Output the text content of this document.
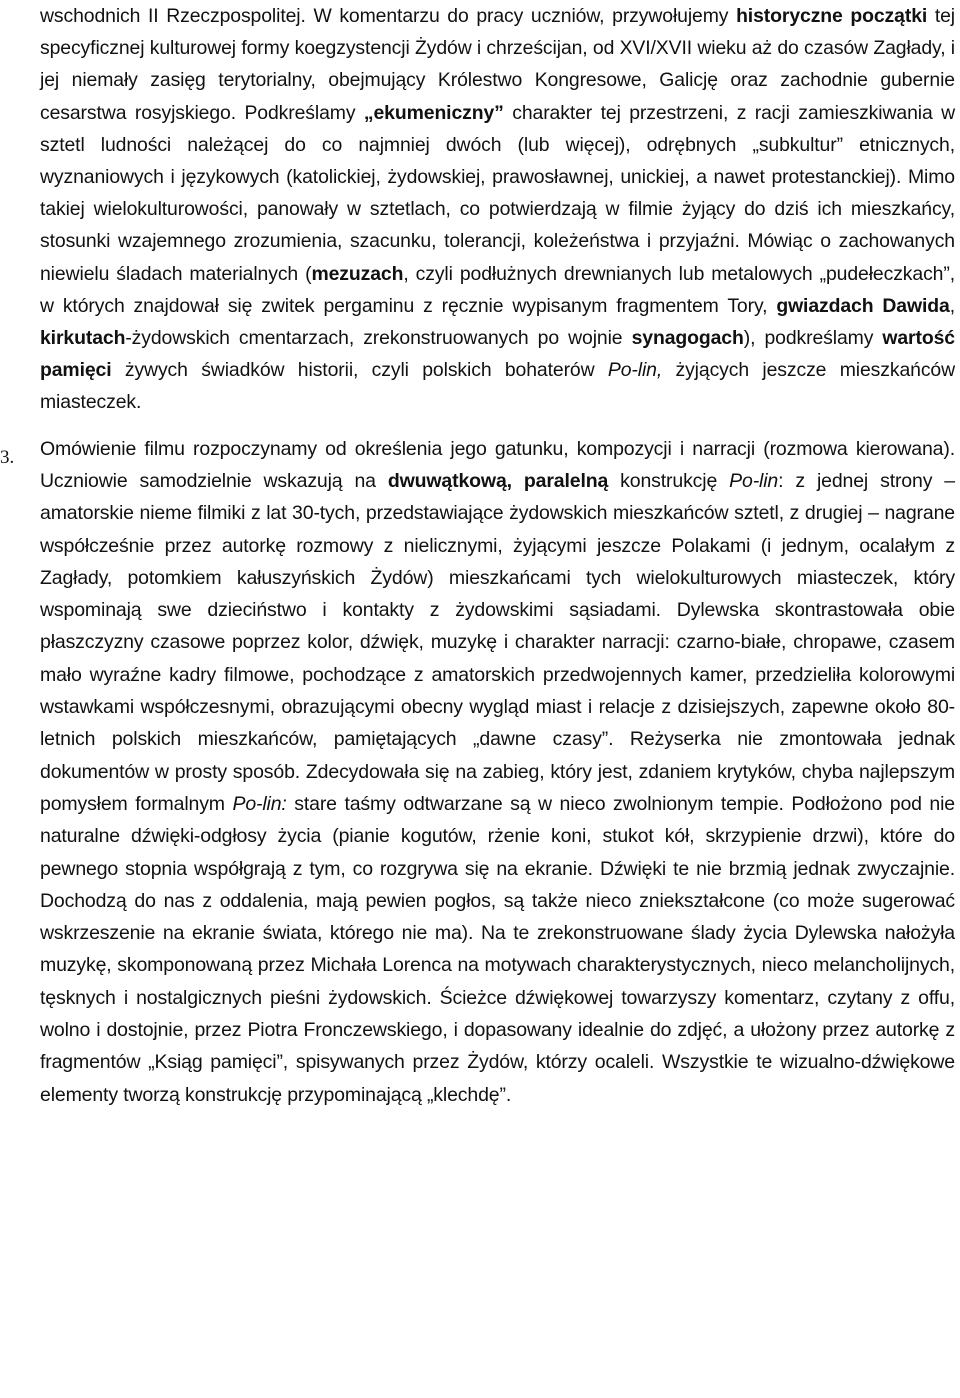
wschodnich II Rzeczpospolitej. W komentarzu do pracy uczniów, przywołujemy historyczne początki tej specyficznej kulturowej formy koegzystencji Żydów i chrześcijan, od XVI/XVII wieku aż do czasów Zagłady, i jej niemały zasięg terytorialny, obejmujący Królestwo Kongresowe, Galicję oraz zachodnie gubernie cesarstwa rosyjskiego. Podkreślamy „ekumeniczny” charakter tej przestrzeni, z racji zamieszkiwania w sztetl ludności należącej do co najmniej dwóch (lub więcej), odrębnych „subkultur” etnicznych, wyznaniowych i językowych (katolickiej, żydowskiej, prawosławnej, unickiej, a nawet protestanckiej). Mimo takiej wielokulturowości, panowały w sztetlach, co potwierdzają w filmie żyjący do dziś ich mieszkańcy, stosunki wzajemnego zrozumienia, szacunku, tolerancji, koleżeństwa i przyjaźni. Mówiąc o zachowanych niewielu śladach materialnych (mezuzach, czyli podłużnych drewnianych lub metalowych „pudełeczkach”, w których znajdował się zwitek pergaminu z ręcznie wypisanym fragmentem Tory, gwiazdach Dawida, kirkutach-żydowskich cmentarzach, zrekonstruowanych po wojnie synagogach), podkreślamy wartość pamięci żywych świadków historii, czyli polskich bohaterów Po-lin, żyjących jeszcze mieszkańców miasteczek.

3. Omówienie filmu rozpoczynamy od określenia jego gatunku, kompozycji i narracji (rozmowa kierowana). Uczniowie samodzielnie wskazują na dwuwątkową, paralelną konstrukcję Po-lin: z jednej strony – amatorskie nieme filmiki z lat 30-tych, przedstawiające żydowskich mieszkańców sztetl, z drugiej – nagrane współcześnie przez autorkę rozmowy z nielicznymi, żyjącymi jeszcze Polakami (i jednym, ocalałym z Zagłady, potomkiem kałuszyńskich Żydów) mieszkańcami tych wielokulturowych miasteczek, który wspominają swe dzieciństwo i kontakty z żydowskimi sąsiadami. Dylewska skontrastowała obie płaszczyzny czasowe poprzez kolor, dźwięk, muzykę i charakter narracji: czarno-białe, chropawe, czasem mało wyraźne kadry filmowe, pochodzące z amatorskich przedwojennych kamer, przedzieliła kolorowymi wstawkami współczesnymi, obrazującymi obecny wygląd miast i relacje z dzisiejszych, zapewne około 80-letnich polskich mieszkańców, pamiętających „dawne czasy”. Reżyserka nie zmontowała jednak dokumentów w prosty sposób. Zdecydowała się na zabieg, który jest, zdaniem krytyków, chyba najlepszym pomysłem formalnym Po-lin: stare taśmy odtwarzane są w nieco zwolnionym tempie. Podłożono pod nie naturalne dźwięki-odgłosy życia (pianie kogutów, rżenie koni, stukot kół, skrzypienie drzwi), które do pewnego stopnia współgrają z tym, co rozgrywa się na ekranie. Dźwięki te nie brzmią jednak zwyczajnie. Dochodzą do nas z oddalenia, mają pewien pogłos, są także nieco zniekształcone (co może sugerować wskrzeszenie na ekranie świata, którego nie ma). Na te zrekonstruowane ślady życia Dylewska nałożyła muzykę, skomponowaną przez Michała Lorenca na motywach charakterystycznych, nieco melancholijnych, tęsknych i nostalgicznych pieśni żydowskich. Ścieżce dźwiękowej towarzyszy komentarz, czytany z offu, wolno i dostojnie, przez Piotra Fronczewskiego, i dopasowany idealnie do zdjęć, a ułożony przez autorkę z fragmentów „Ksiąg pamięci”, spisywanych przez Żydów, którzy ocaleli. Wszystkie te wizualno-dźwiękowe elementy tworzą konstrukcję przypominającą „klechdę”.
